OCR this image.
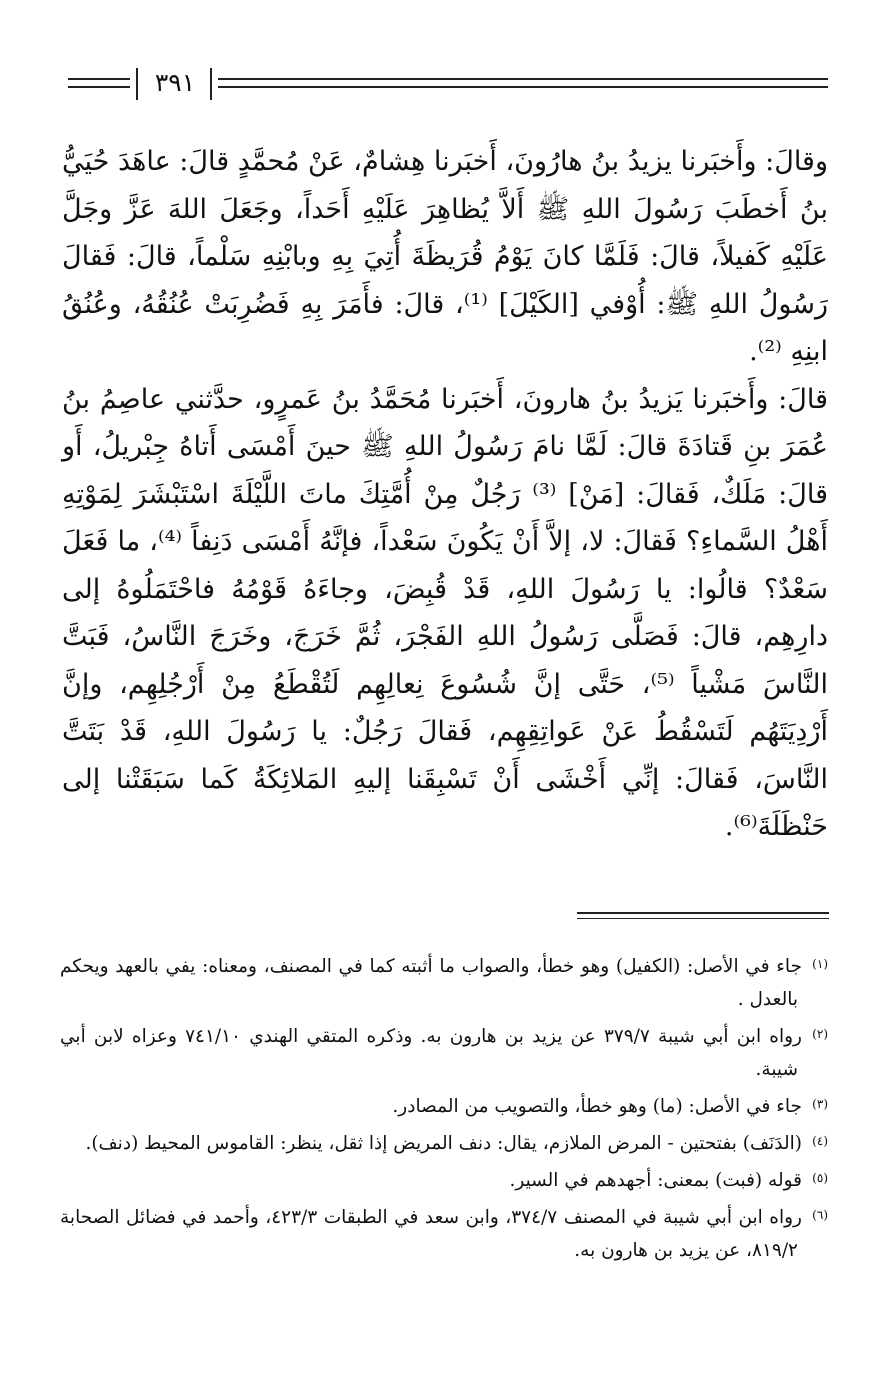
٣٩١

وقالَ: وأَخبَرنا يزيدُ بنُ هارُونَ، أَخبَرنا هِشامٌ، عَنْ مُحمَّدٍ قالَ: عاهَدَ حُيَيُّ بنُ أَخطَبَ رَسُولَ اللهِ ﷺ أَلاَّ يُظاهِرَ عَلَيْهِ أَحَداً، وجَعَلَ اللهَ عَزَّ وجَلَّ عَلَيْهِ كَفيلاً، قالَ: فَلَمَّا كانَ يَوْمُ قُرَيظَةَ أُتِيَ بِهِ وبابْنِهِ سَلْماً، قالَ: فَقالَ رَسُولُ اللهِ ﷺ: أُوْفي [الكَيْلَ] ⁽¹⁾، قالَ: فأَمَرَ بِهِ فَضُرِبَتْ عُنُقُهُ، وعُنُقُ ابنِهِ ⁽²⁾.

قالَ: وأَخبَرنا يَزيدُ بنُ هارونَ، أَخبَرنا مُحَمَّدُ بنُ عَمرٍو، حدَّثني عاصِمُ بنُ عُمَرَ بنِ قَتادَةَ قالَ: لَمَّا نامَ رَسُولُ اللهِ ﷺ حينَ أَمْسَى أَتاهُ جِبْريلُ، أَو قالَ: مَلَكٌ، فَقالَ: [مَنْ] ⁽³⁾ رَجُلٌ مِنْ أُمَّتِكَ ماتَ اللَّيْلَةَ اسْتَبْشَرَ لِمَوْتِهِ أَهْلُ السَّماءِ؟ فَقالَ: لا، إلاَّ أَنْ يَكُونَ سَعْداً، فإنَّهُ أَمْسَى دَنِفاً ⁽⁴⁾، ما فَعَلَ سَعْدٌ؟ قالُوا: يا رَسُولَ اللهِ، قَدْ قُبِضَ، وجاءَهُ قَوْمُهُ فاحْتَمَلُوهُ إلى دارِهِم، قالَ: فَصَلَّى رَسُولُ اللهِ الفَجْرَ، ثُمَّ خَرَجَ، وخَرَجَ النَّاسُ، فَبَتَّ النَّاسَ مَشْياً ⁽⁵⁾، حَتَّى إنَّ شُسُوعَ نِعالِهِم لَتُقْطَعُ مِنْ أَرْجُلِهِم، وإنَّ أَرْدِيَتَهُم لَتَسْقُطُ عَنْ عَواتِقِهِم، فَقالَ رَجُلٌ: يا رَسُولَ اللهِ، قَدْ بَتَتَّ النَّاسَ، فَقالَ: إنِّي أَخْشَى أَنْ تَسْبِقَنا إليهِ المَلائِكَةُ كَما سَبَقَتْنا إلى حَنْظَلَةَ⁽⁶⁾.

(١)جاء في الأصل: (الكفيل) وهو خطأ، والصواب ما أثبته كما في المصنف، ومعناه: يفي بالعهد ويحكم بالعدل .

(٢)رواه ابن أبي شيبة ٣٧٩/٧ عن يزيد بن هارون به. وذكره المتقي الهندي ٧٤١/١٠ وعزاه لابن أبي شيبة.

(٣)جاء في الأصل: (ما) وهو خطأ، والتصويب من المصادر.

(٤)(الدَنَف) بفتحتين - المرض الملازم، يقال: دنف المريض إذا ثقل، ينظر: القاموس المحيط (دنف).

(٥)قوله (فبت) بمعنى: أجهدهم في السير.

(٦)رواه ابن أبي شيبة في المصنف ٣٧٤/٧، وابن سعد في الطبقات ٤٢٣/٣، وأحمد في فضائل الصحابة ٨١٩/٢، عن يزيد بن هارون به.
